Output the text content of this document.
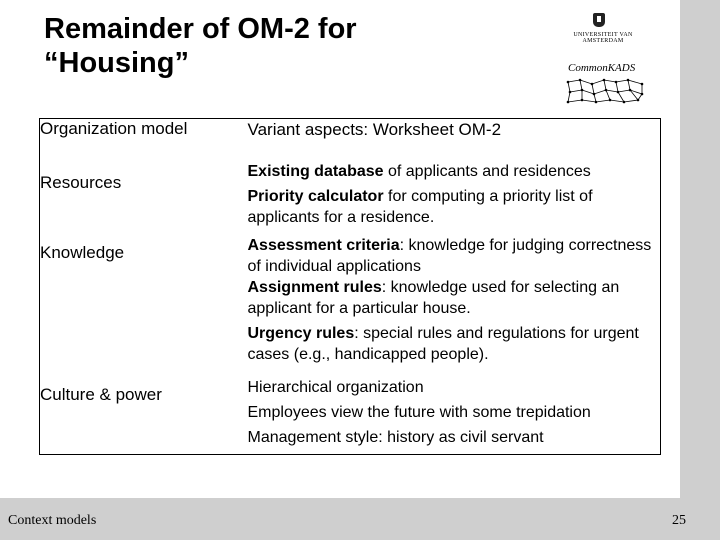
Remainder of OM-2 for
“Housing”
UNIVERSITEIT VAN AMSTERDAM
CommonKADS
Organization model	Variant aspects: Worksheet OM-2
Resources	Existing database of applicants and residences
Priority calculator for computing a priority list of applicants for a residence.

Knowledge	Assessment criteria: knowledge for judging correctness of individual applications
Assignment rules: knowledge used for selecting an applicant for a particular house.
Urgency rules: special rules and regulations for urgent cases (e.g., handicapped people).

Culture & power	Hierarchical organization
Employees view the future with some trepidation
Management style: history as civil servant
Context models	25
